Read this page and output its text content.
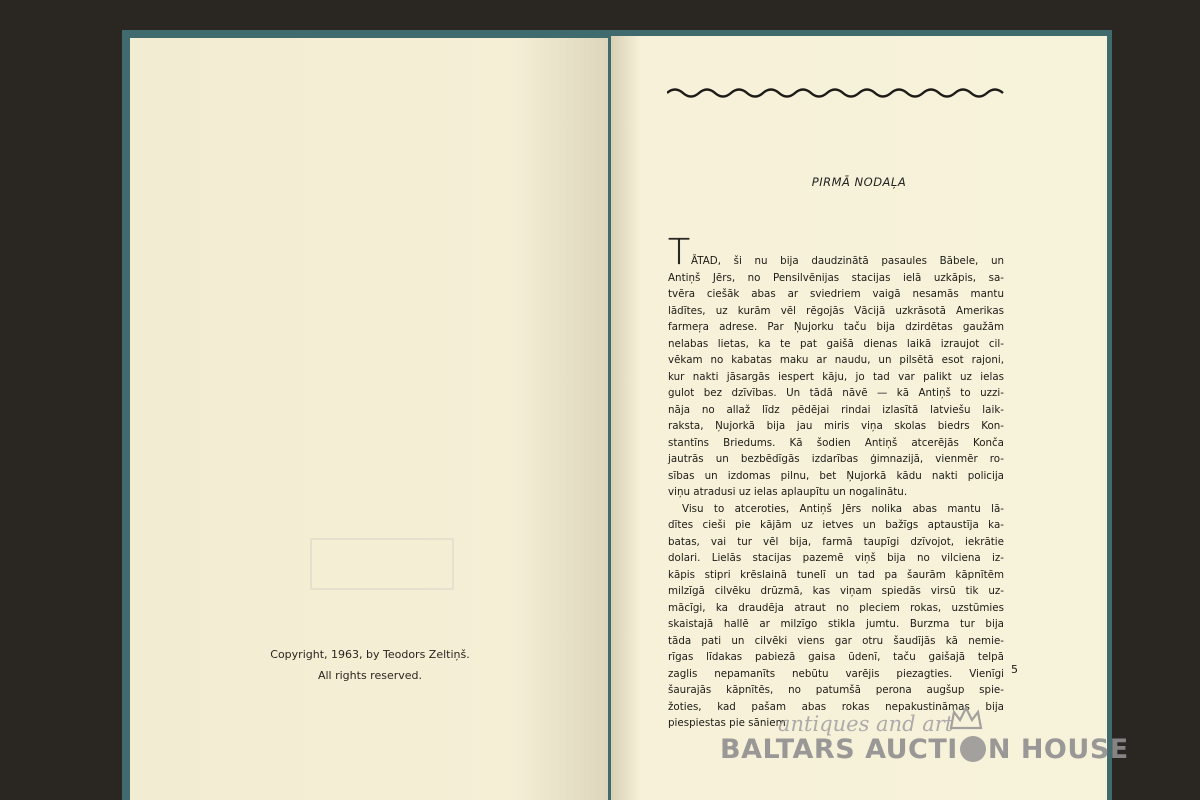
Copyright, 1963, by Teodors Zeltiņš.
All rights reserved.
PIRMĀ NODAĻA
TĀTAD, ši nu bija daudzinātā pasaules Bābele, un
Antiņš Jērs, no Pensilvēnijas stacijas ielā uzkāpis, sa-
tvēra ciešāk abas ar sviedriem vaigā nesamās mantu
lādītes, uz kurām vēl rēgojās Vācijā uzkrāsotā Amerikas
farmeŗa adrese. Par Ņujorku taču bija dzirdētas gaužām
nelabas lietas, ka te pat gaišā dienas laikā izraujot cil-
vēkam no kabatas maku ar naudu, un pilsētā esot rajoni,
kur nakti jāsargās iespert kāju, jo tad var palikt uz ielas
gulot bez dzīvības. Un tādā nāvē — kā Antiņš to uzzi-
nāja no allaž līdz pēdējai rindai izlasītā latviešu laik-
raksta, Ņujorkā bija jau miris viņa skolas biedrs Kon-
stantīns Briedums. Kā šodien Antiņš atcerējās Konča
jautrās un bezbēdīgās izdarības ģimnazijā, vienmēr ro-
sības un izdomas pilnu, bet Ņujorkā kādu nakti policija
viņu atradusi uz ielas aplaupītu un nogalinātu.
Visu to atceroties, Antiņš Jērs nolika abas mantu lā-
dītes cieši pie kājām uz ietves un bažīgs aptaustīja ka-
batas, vai tur vēl bija, farmā taupīgi dzīvojot, iekrātie
dolari. Lielās stacijas pazemē viņš bija no vilciena iz-
kāpis stipri krēslainā tunelī un tad pa šaurām kāpnītēm
milzīgā cilvēku drūzmā, kas viņam spiedās virsū tik uz-
mācīgi, ka draudēja atraut no pleciem rokas, uzstūmies
skaistajā hallē ar milzīgo stikla jumtu. Burzma tur bija
tāda pati un cilvēki viens gar otru šaudījās kā nemie-
rīgas līdakas pabiezā gaisa ūdenī, taču gaišajā telpā
zaglis nepamanīts nebūtu varējis piezagties. Vienīgi
šaurajās kāpnītēs, no patumšā perona augšup spie-
žoties, kad pašam abas rokas nepakustināmas bija
piespiestas pie sāniem.
5
antiques and art
BALTARS AUCTI N HOUSE
